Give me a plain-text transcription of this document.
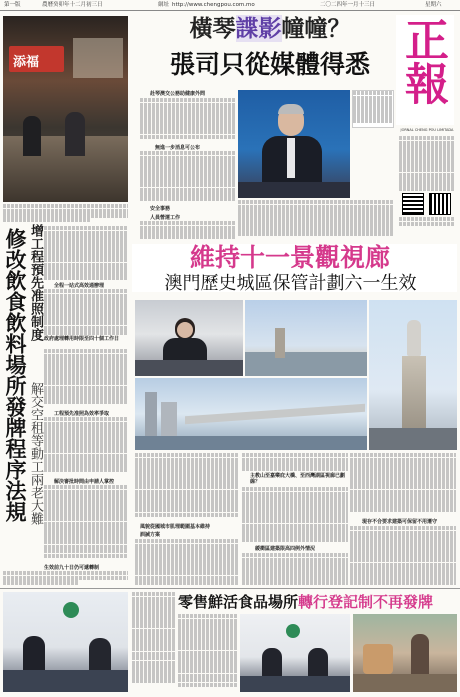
第一版	農曆癸卯年十二月初三日	網址 http://www.chengpou.com.mo	二〇二四年一月十三日	星期六
添福
修改飲食飲料場所發牌程序法規 增工程預先准照制度
解交空租等動工兩老大難
全程一站式高效通辦理
政府處理轉用時限至四十個工作日
工程預先准照為效率爭取
解決審批時間由申請人掌控
生效前九十日仍可遞轉制
橫琴諜影幢幢？
張司只從媒體得悉 正報
JORNAL CHENG POU LIMITADA
赴琴澳交公務助健康外問
無進一步消息可公布
安全事務
人員營運工作
維持十一景觀視廊
澳門歷史城區保管計劃六一生效
風貌從國城市肌理範圍基本維持
訓誡方案
主教山至嘉樂庇大橋、至西灣湖區視廊已劃線？
緩衝區建築限高四例外情況
現存不合要求建築可保留不用遷守
零售鮮活食品場所轉行登記制不再發牌
